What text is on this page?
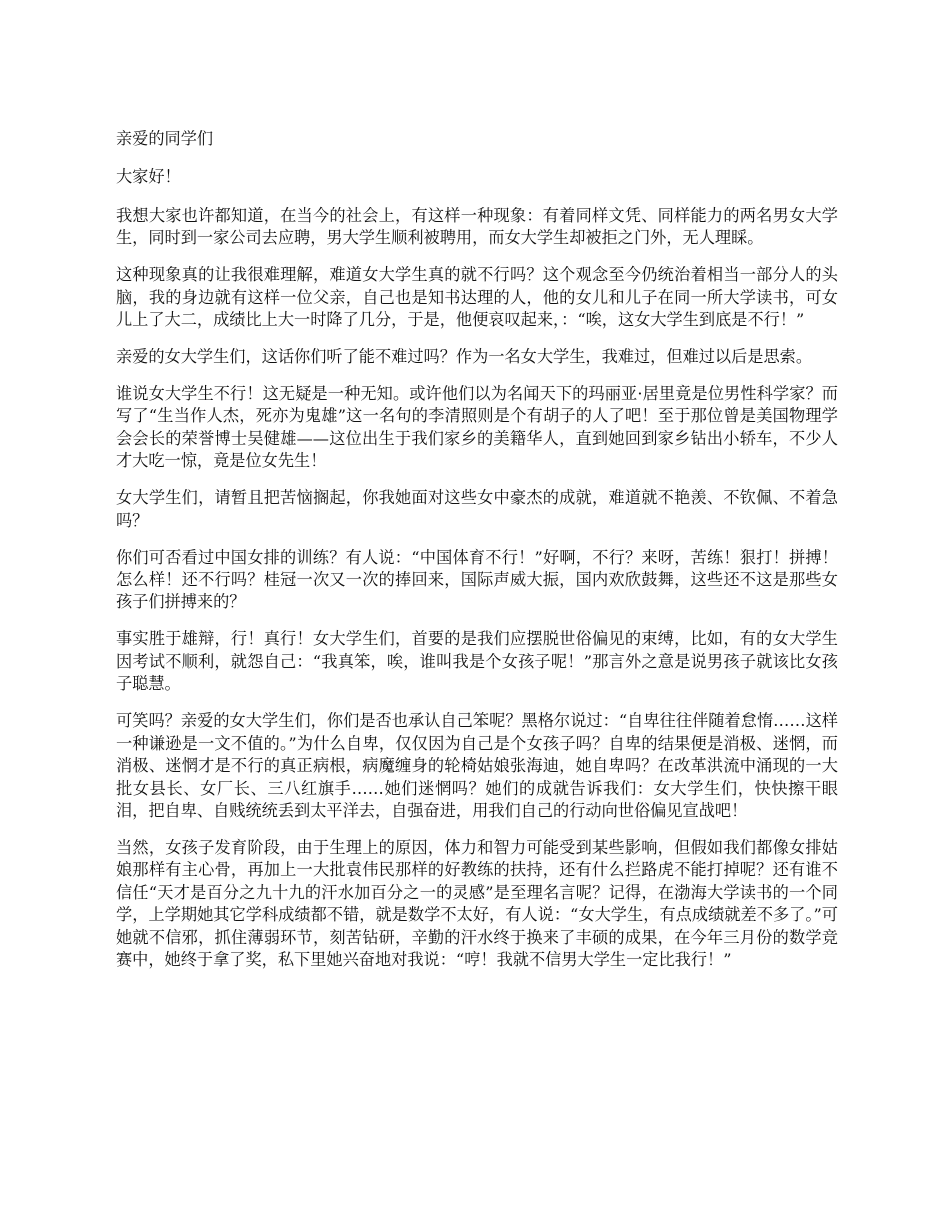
亲爱的同学们

大家好！

我想大家也许都知道，在当今的社会上，有这样一种现象：有着同样文凭、同样能力的两名男女大学生，同时到一家公司去应聘，男大学生顺利被聘用，而女大学生却被拒之门外，无人理睬。

这种现象真的让我很难理解，难道女大学生真的就不行吗？这个观念至今仍统治着相当一部分人的头脑，我的身边就有这样一位父亲，自己也是知书达理的人，他的女儿和儿子在同一所大学读书，可女儿上了大二，成绩比上大一时降了几分，于是，他便哀叹起来，：“唉，这女大学生到底是不行！”

亲爱的女大学生们，这话你们听了能不难过吗？作为一名女大学生，我难过，但难过以后是思索。

谁说女大学生不行！这无疑是一种无知。或许他们以为名闻天下的玛丽亚·居里竟是位男性科学家？而写了“生当作人杰，死亦为鬼雄”这一名句的李清照则是个有胡子的人了吧！至于那位曾是美国物理学会会长的荣誉博士吴健雄——这位出生于我们家乡的美籍华人，直到她回到家乡钻出小轿车，不少人才大吃一惊，竟是位女先生！

女大学生们，请暂且把苦恼搁起，你我她面对这些女中豪杰的成就，难道就不艳羡、不钦佩、不着急吗？

你们可否看过中国女排的训练？有人说：“中国体育不行！”好啊，不行？来呀，苦练！狠打！拼搏！怎么样！还不行吗？桂冠一次又一次的捧回来，国际声威大振，国内欢欣鼓舞，这些还不这是那些女孩子们拼搏来的？

事实胜于雄辩，行！真行！女大学生们，首要的是我们应摆脱世俗偏见的束缚，比如，有的女大学生因考试不顺利，就怨自己：“我真笨，唉，谁叫我是个女孩子呢！”那言外之意是说男孩子就该比女孩子聪慧。

可笑吗？亲爱的女大学生们，你们是否也承认自己笨呢？黑格尔说过：“自卑往往伴随着怠惰……这样一种谦逊是一文不值的。”为什么自卑，仅仅因为自己是个女孩子吗？自卑的结果便是消极、迷惘，而消极、迷惘才是不行的真正病根，病魔缠身的轮椅姑娘张海迪，她自卑吗？在改革洪流中涌现的一大批女县长、女厂长、三八红旗手……她们迷惘吗？她们的成就告诉我们：女大学生们，快快擦干眼泪，把自卑、自贱统统丢到太平洋去，自强奋进，用我们自己的行动向世俗偏见宣战吧！

当然，女孩子发育阶段，由于生理上的原因，体力和智力可能受到某些影响，但假如我们都像女排姑娘那样有主心骨，再加上一大批袁伟民那样的好教练的扶持，还有什么拦路虎不能打掉呢？还有谁不信任“天才是百分之九十九的汗水加百分之一的灵感”是至理名言呢？记得，在渤海大学读书的一个同学，上学期她其它学科成绩都不错，就是数学不太好，有人说：“女大学生，有点成绩就差不多了。”可她就不信邪，抓住薄弱环节，刻苦钻研，辛勤的汗水终于换来了丰硕的成果，在今年三月份的数学竞赛中，她终于拿了奖，私下里她兴奋地对我说：“哼！我就不信男大学生一定比我行！”
